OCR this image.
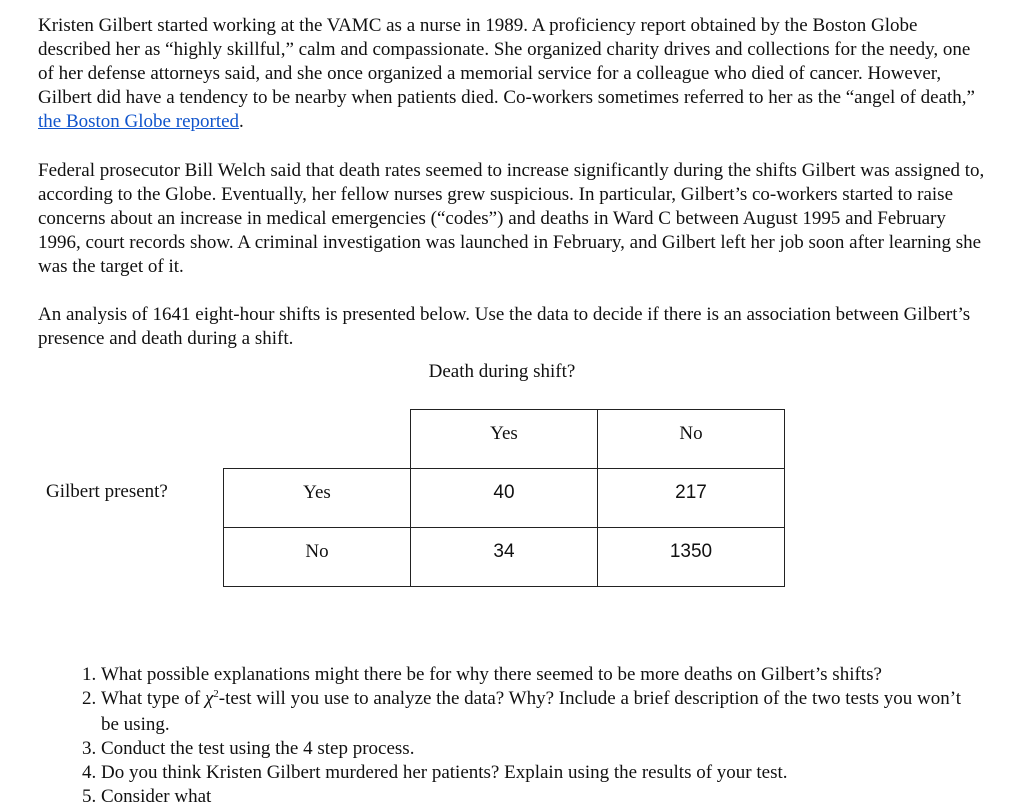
Kristen Gilbert started working at the VAMC as a nurse in 1989. A proficiency report obtained by the Boston Globe described her as “highly skillful,” calm and compassionate. She organized charity drives and collections for the needy, one of her defense attorneys said, and she once organized a memorial service for a colleague who died of cancer. However, Gilbert did have a tendency to be nearby when patients died. Co-workers sometimes referred to her as the “angel of death,” the Boston Globe reported.

Federal prosecutor Bill Welch said that death rates seemed to increase significantly during the shifts Gilbert was assigned to, according to the Globe. Eventually, her fellow nurses grew suspicious. In particular, Gilbert’s co-workers started to raise concerns about an increase in medical emergencies (“codes”) and deaths in Ward C between August 1995 and February 1996, court records show. A criminal investigation was launched in February, and Gilbert left her job soon after learning she was the target of it.

An analysis of 1641 eight-hour shifts is presented below. Use the data to decide if there is an association between Gilbert’s presence and death during a shift.

Death during shift?
Gilbert present?
	Yes	No
Yes	40	217
No	34	1350
1. What possible explanations might there be for why there seemed to be more deaths on Gilbert’s shifts?
2. What type of $\chi^2$-test will you use to analyze the data? Why? Include a brief description of the two tests you won’t be using.
3. Conduct the test using the 4 step process.
4. Do you think Kristen Gilbert murdered her patients? Explain using the results of your test.
5. Consider what
